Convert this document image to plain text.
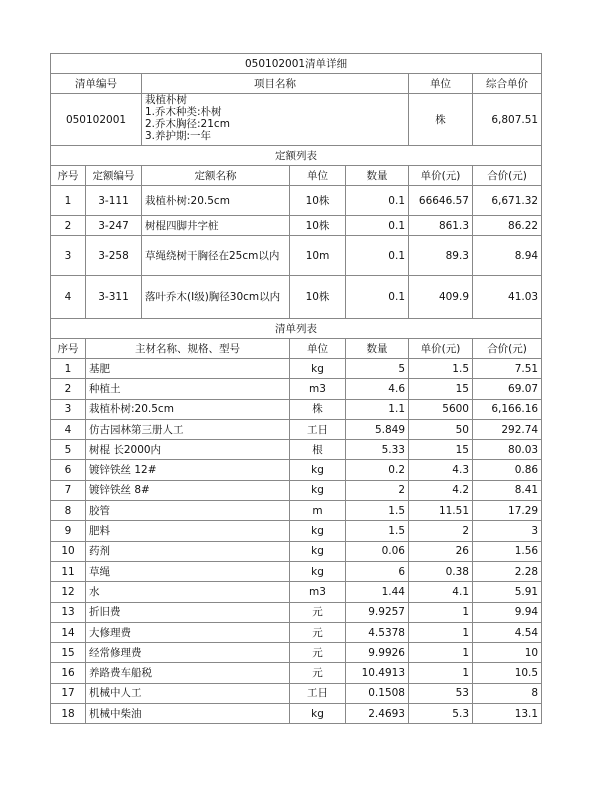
050102001清单详细						
清单编号		项目名称			单位	综合单价
050102001		栽植朴树
1.乔木种类:朴树
2.乔木胸径:21cm
3.养护期:一年			株	6,807.51
定额列表						
序号	定额编号	定额名称	单位	数量	单价(元)	合价(元)
1	3-111	栽植朴树:20.5cm	10株	0.1	66646.57	6,671.32
2	3-247	树棍四脚井字桩	10株	0.1	861.3	86.22
3	3-258	草绳绕树干胸径在25cm以内	10m	0.1	89.3	8.94
4	3-311	落叶乔木(I级)胸径30cm以内	10株	0.1	409.9	41.03
清单列表						
序号	主材名称、规格、型号		单位	数量	单价(元)	合价(元)
1	基肥		kg	5	1.5	7.51
2	种植土		m3	4.6	15	69.07
3	栽植朴树:20.5cm		株	1.1	5600	6,166.16
4	仿古园林第三册人工		工日	5.849	50	292.74
5	树棍 长2000内		根	5.33	15	80.03
6	镀锌铁丝 12#		kg	0.2	4.3	0.86
7	镀锌铁丝 8#		kg	2	4.2	8.41
8	胶管		m	1.5	11.51	17.29
9	肥料		kg	1.5	2	3
10	药剂		kg	0.06	26	1.56
11	草绳		kg	6	0.38	2.28
12	水		m3	1.44	4.1	5.91
13	折旧费		元	9.9257	1	9.94
14	大修理费		元	4.5378	1	4.54
15	经常修理费		元	9.9926	1	10
16	养路费车船税		元	10.4913	1	10.5
17	机械中人工		工日	0.1508	53	8
18	机械中柴油		kg	2.4693	5.3	13.1
